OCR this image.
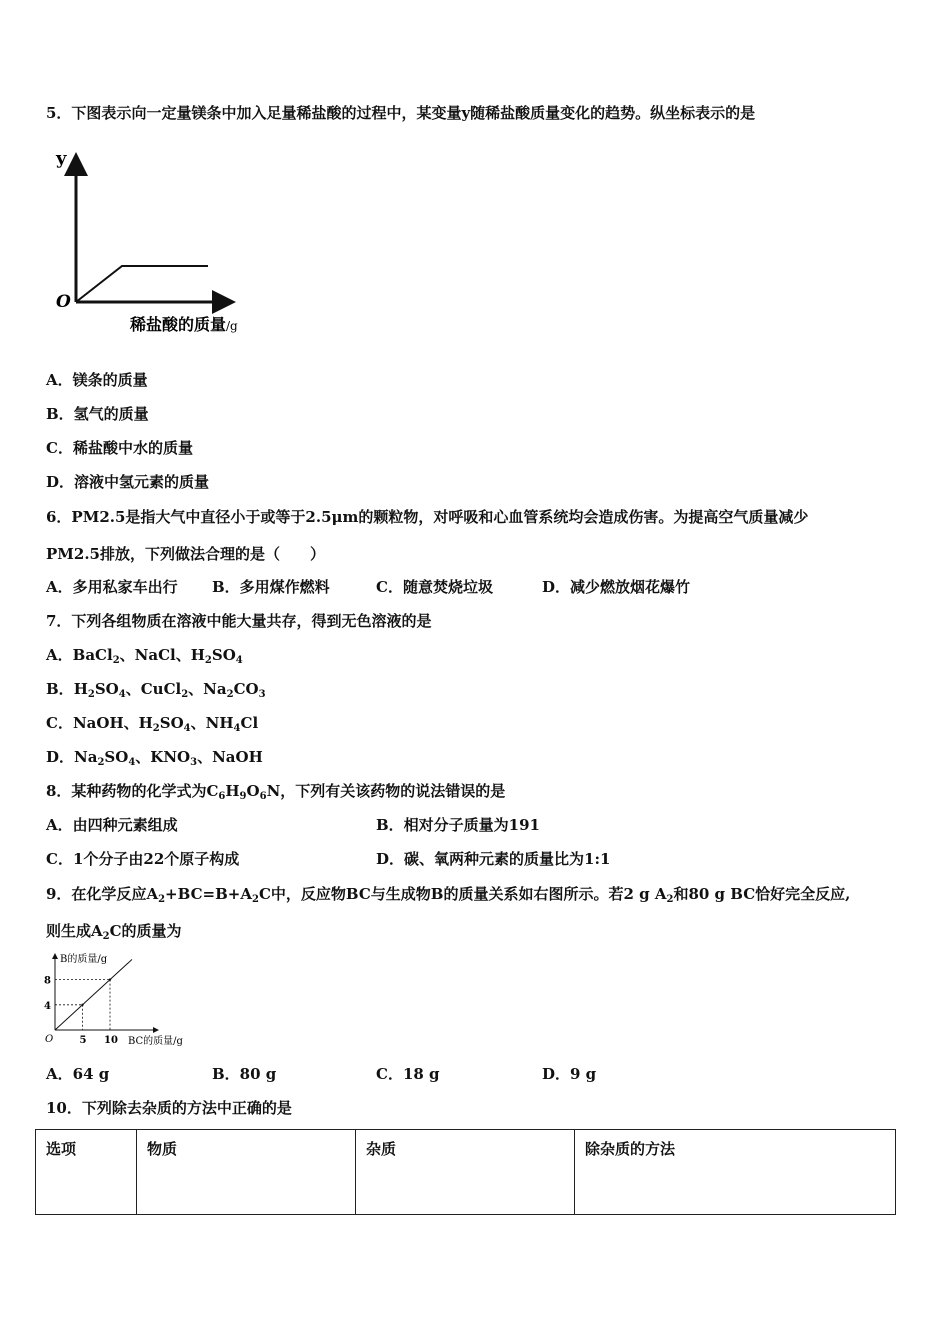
5．下图表示向一定量镁条中加入足量稀盐酸的过程中，某变量y随稀盐酸质量变化的趋势。纵坐标表示的是
y
O
稀盐酸的质量/g
A．镁条的质量
B．氢气的质量
C．稀盐酸中水的质量
D．溶液中氢元素的质量
6．PM2.5是指大气中直径小于或等于2.5μm的颗粒物，对呼吸和心血管系统均会造成伤害。为提高空气质量减少
PM2.5排放，下列做法合理的是（　　）
A．多用私家车出行 B．多用煤作燃料	C．随意焚烧垃圾	D．减少燃放烟花爆竹
7．下列各组物质在溶液中能大量共存，得到无色溶液的是
A．BaCl$_2$、NaCl、$H_2SO_4$
B．$H_2SO_4$、CuCl$_2$、$Na_2CO_3$
C．NaOH、$H_2SO_4$、$NH_4Cl$
D．$Na_2SO_4$、$KNO_3$、NaOH
8．某种药物的化学式为$C_6H_9O_6N$，下列有关该药物的说法错误的是
A．由四种元素组成	B．相对分子质量为191
C．1个分子由22个原子构成	D．碳、氧两种元素的质量比为1:1
9．在化学反应$A_2+BC=B+A_2C$中，反应物BC与生成物B的质量关系如右图所示。若2 g $A_2$和80 g BC恰好完全反应,
则生成$A_2C$的质量为
B的质量/g
BC的质量/g
O	5 10
8
4
A．64 g	B．80 g	C．18 g	D．9 g
10．下列除去杂质的方法中正确的是
选项	物质	杂质	除杂质的方法
